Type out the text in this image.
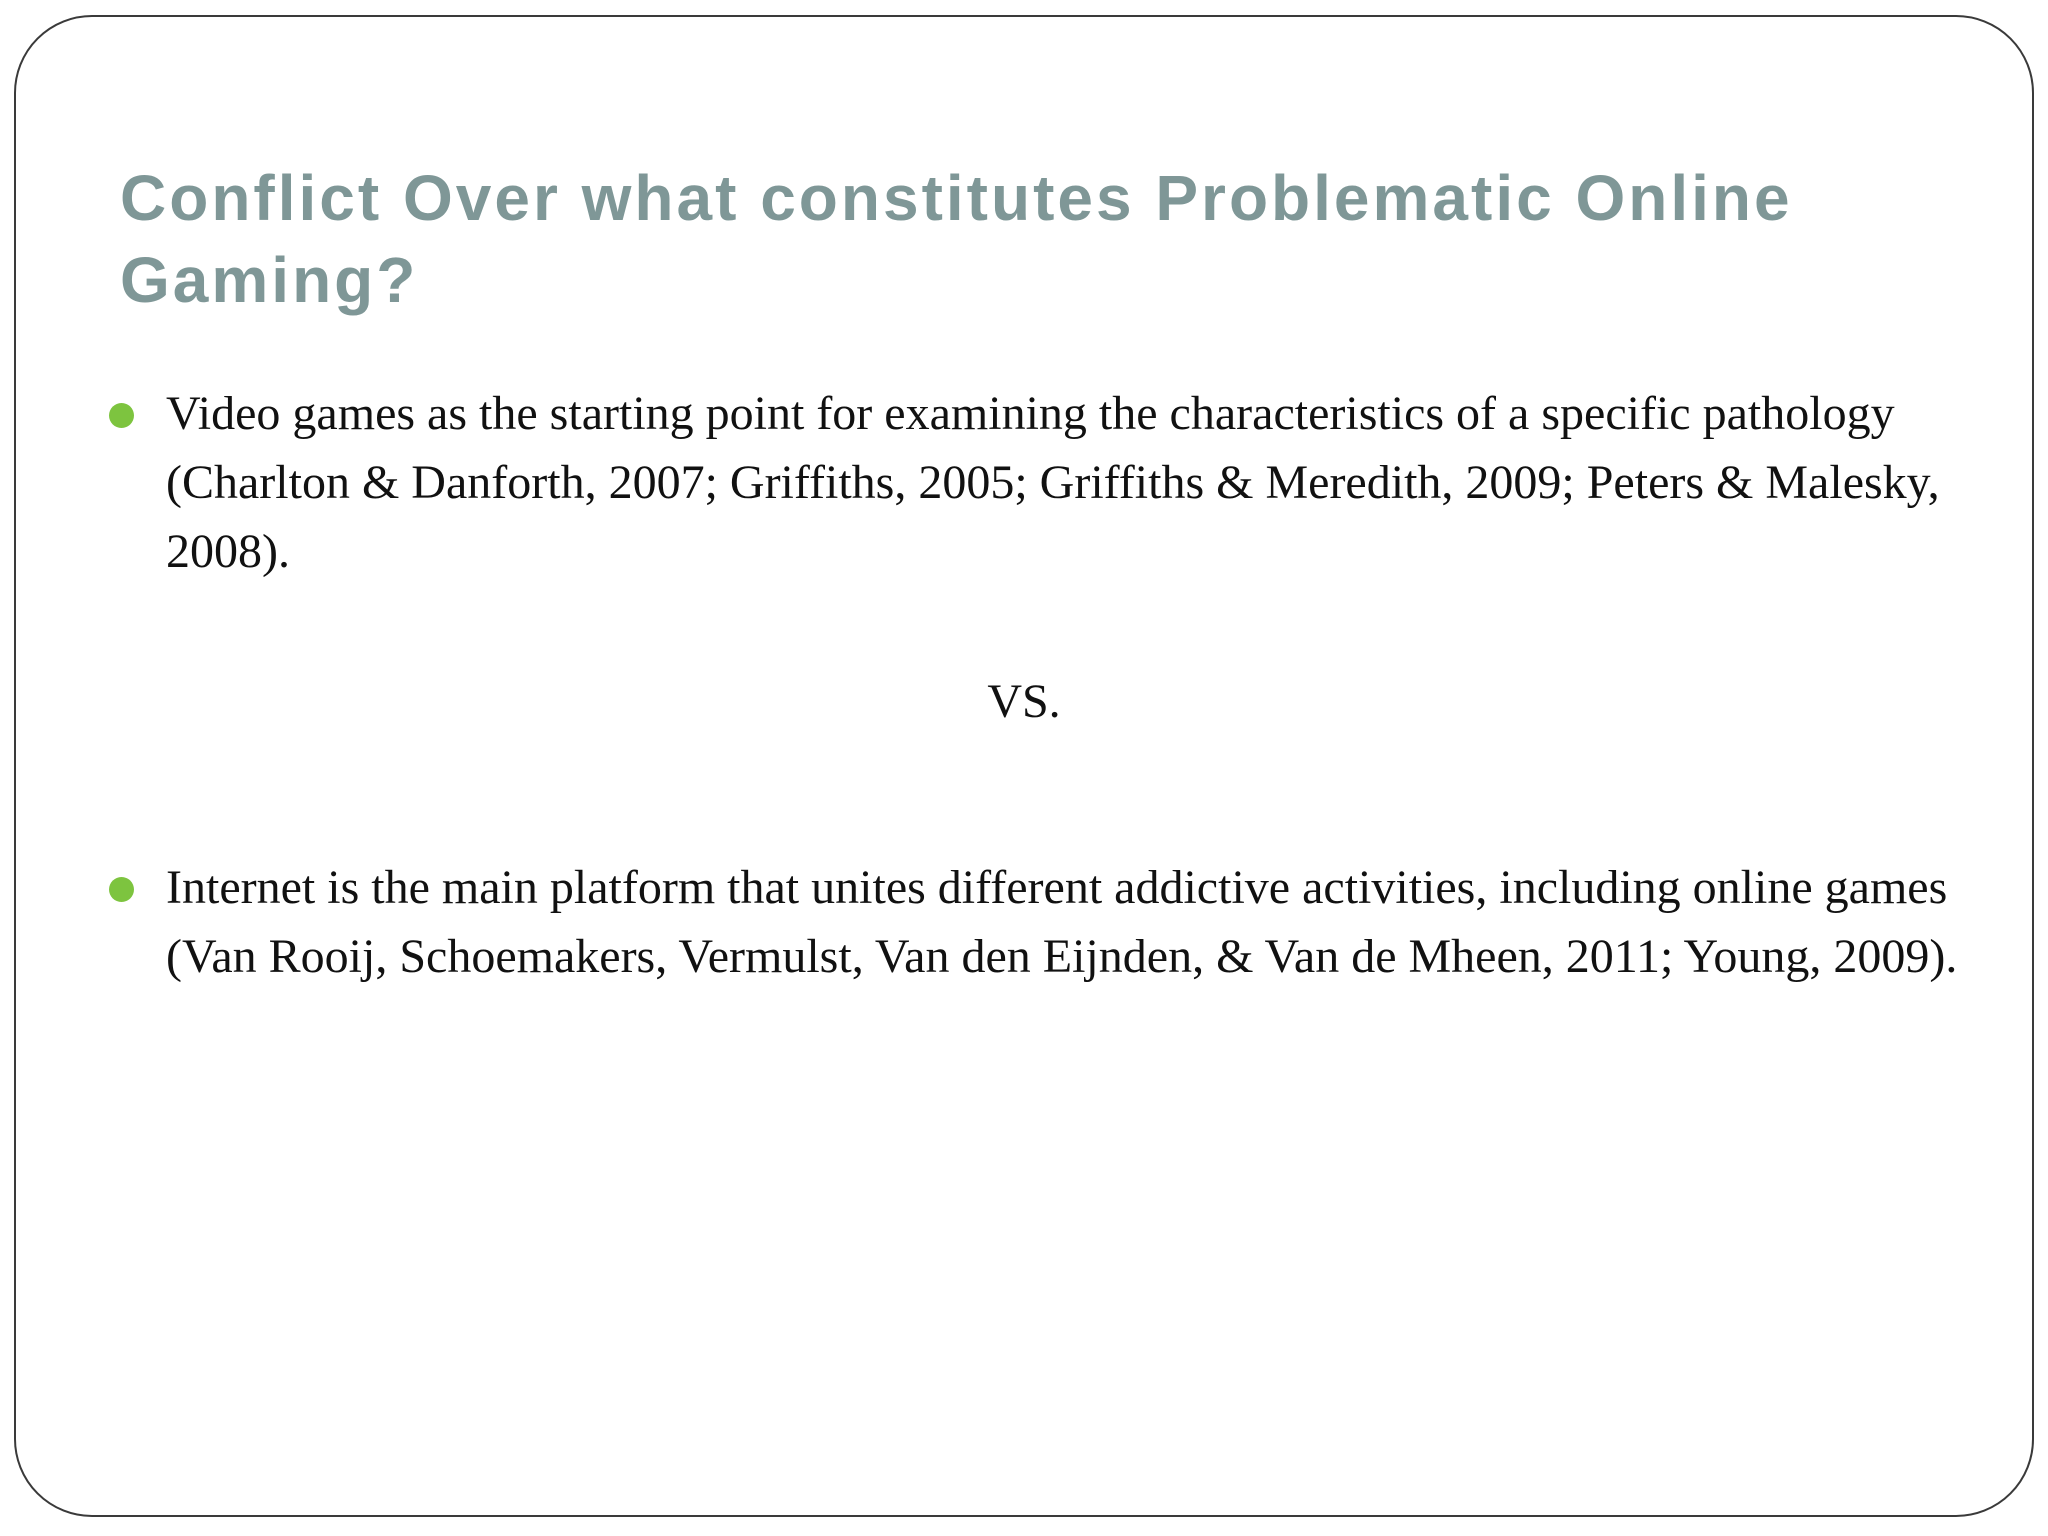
Conflict Over what constitutes Problematic Online Gaming?
Video games as the starting point for examining the characteristics of a specific pathology (Charlton & Danforth, 2007; Griffiths, 2005; Griffiths & Meredith, 2009; Peters & Malesky, 2008).
Internet is the main platform that unites different addictive activities, including online games (Van Rooij, Schoemakers, Vermulst, Van den Eijnden, & Van de Mheen, 2011; Young, 2009).
VS.
